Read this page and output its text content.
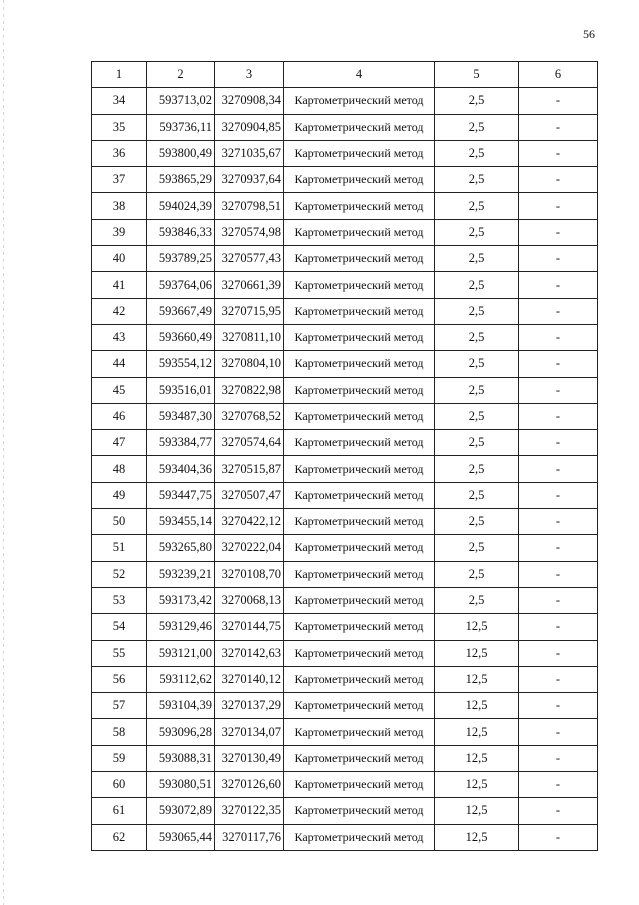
56
1	2	3	4	5	6
34	593713,02	3270908,34	Картометрический метод	2,5	-
35	593736,11	3270904,85	Картометрический метод	2,5	-
36	593800,49	3271035,67	Картометрический метод	2,5	-
37	593865,29	3270937,64	Картометрический метод	2,5	-
38	594024,39	3270798,51	Картометрический метод	2,5	-
39	593846,33	3270574,98	Картометрический метод	2,5	-
40	593789,25	3270577,43	Картометрический метод	2,5	-
41	593764,06	3270661,39	Картометрический метод	2,5	-
42	593667,49	3270715,95	Картометрический метод	2,5	-
43	593660,49	3270811,10	Картометрический метод	2,5	-
44	593554,12	3270804,10	Картометрический метод	2,5	-
45	593516,01	3270822,98	Картометрический метод	2,5	-
46	593487,30	3270768,52	Картометрический метод	2,5	-
47	593384,77	3270574,64	Картометрический метод	2,5	-
48	593404,36	3270515,87	Картометрический метод	2,5	-
49	593447,75	3270507,47	Картометрический метод	2,5	-
50	593455,14	3270422,12	Картометрический метод	2,5	-
51	593265,80	3270222,04	Картометрический метод	2,5	-
52	593239,21	3270108,70	Картометрический метод	2,5	-
53	593173,42	3270068,13	Картометрический метод	2,5	-
54	593129,46	3270144,75	Картометрический метод	12,5	-
55	593121,00	3270142,63	Картометрический метод	12,5	-
56	593112,62	3270140,12	Картометрический метод	12,5	-
57	593104,39	3270137,29	Картометрический метод	12,5	-
58	593096,28	3270134,07	Картометрический метод	12,5	-
59	593088,31	3270130,49	Картометрический метод	12,5	-
60	593080,51	3270126,60	Картометрический метод	12,5	-
61	593072,89	3270122,35	Картометрический метод	12,5	-
62	593065,44	3270117,76	Картометрический метод	12,5	-
